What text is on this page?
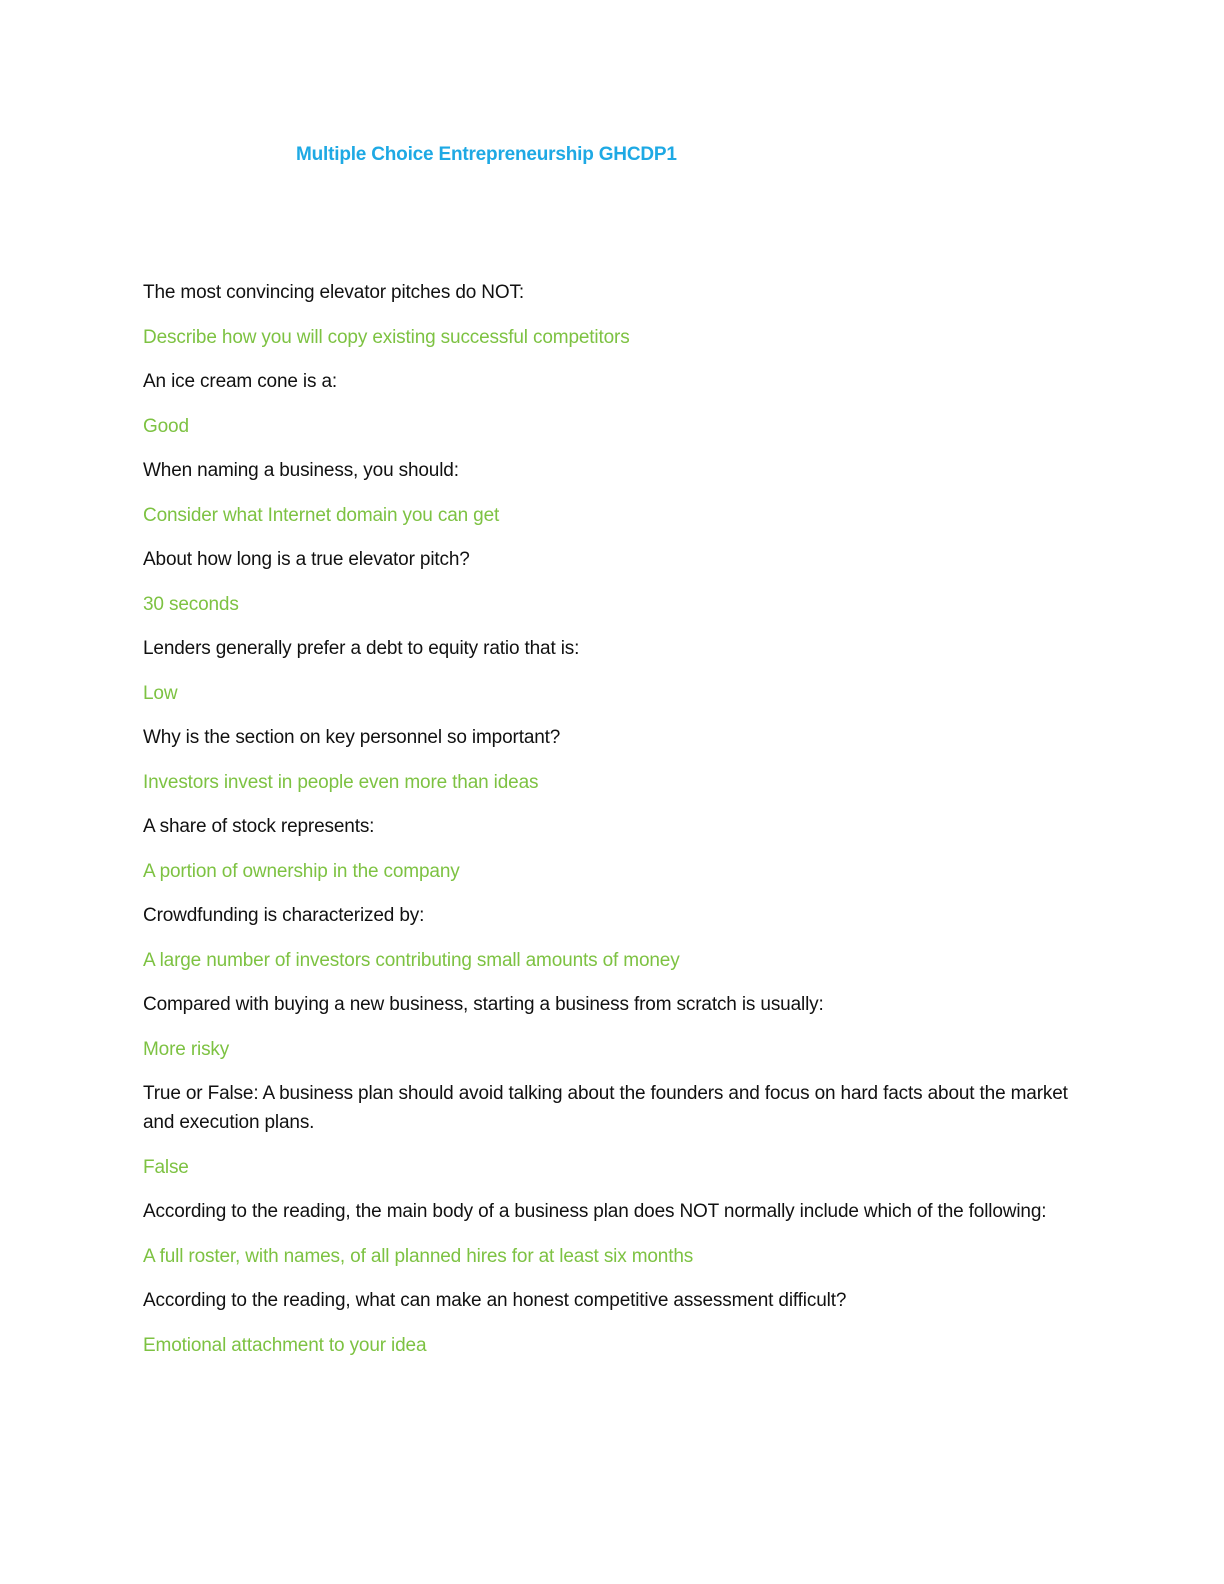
Multiple Choice Entrepreneurship GHCDP1

The most convincing elevator pitches do NOT:

Describe how you will copy existing successful competitors

An ice cream cone is a:

Good

When naming a business, you should:

Consider what Internet domain you can get

About how long is a true elevator pitch?

30 seconds

Lenders generally prefer a debt to equity ratio that is:

Low

Why is the section on key personnel so important?

Investors invest in people even more than ideas

A share of stock represents:

A portion of ownership in the company

Crowdfunding is characterized by:

A large number of investors contributing small amounts of money

Compared with buying a new business, starting a business from scratch is usually:

More risky

True or False: A business plan should avoid talking about the founders and focus on hard facts about the market and execution plans.

False

According to the reading, the main body of a business plan does NOT normally include which of the following:

A full roster, with names, of all planned hires for at least six months

According to the reading, what can make an honest competitive assessment difficult?

Emotional attachment to your idea
